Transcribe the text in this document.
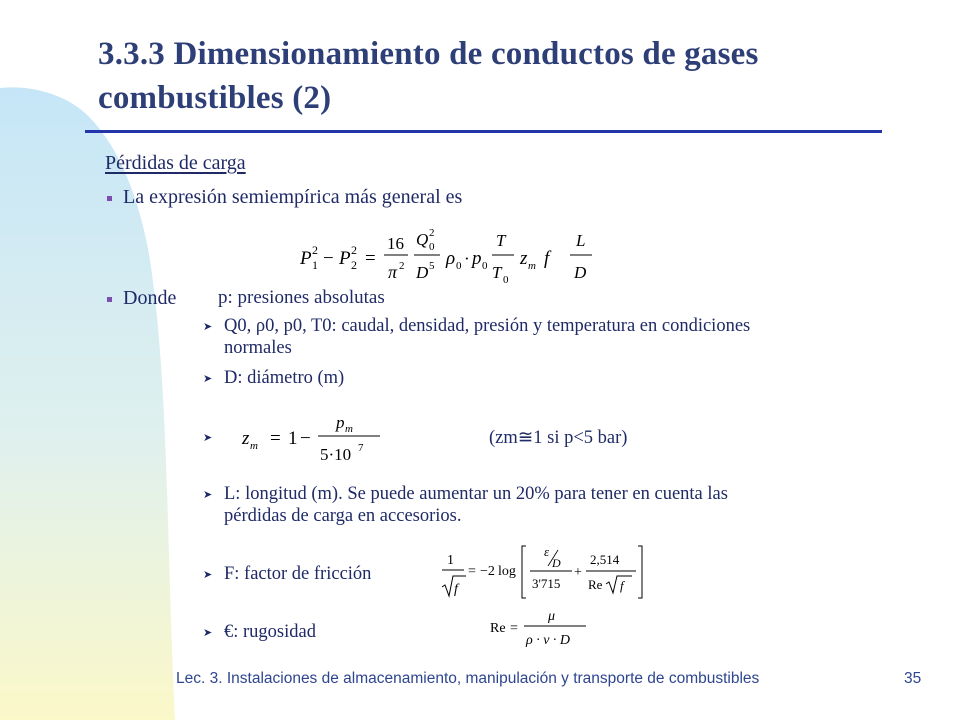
3.3.3 Dimensionamiento de conductos de gases
combustibles (2)
Pérdidas de carga
La expresión semiempírica más general es
P 1
2 − P 2
2 =
16
π 2
Q 2
0
D 5 ρ 0 · p 0
T
T 0
z m f
L
D
Donde p: presiones absolutas
➤ Q0, ρ0, p0, T0: caudal, densidad, presión y temperatura en condiciones
normales
➤ D: diámetro (m)
➤ z m = 1 −
p m
5·10 7	(zm≅1 si p<5 bar)
➤ L: longitud (m). Se puede aumentar un 20% para tener en cuenta las
pérdidas de carga en accesorios.
➤ F: factor de fricción
1
f
= −2 log
ε
D
3'715
+
2,514
Re f
➤ €: rugosidad	Re =
μ
ρ · ν · D
Lec. 3. Instalaciones de almacenamiento, manipulación y transporte de combustibles	35
